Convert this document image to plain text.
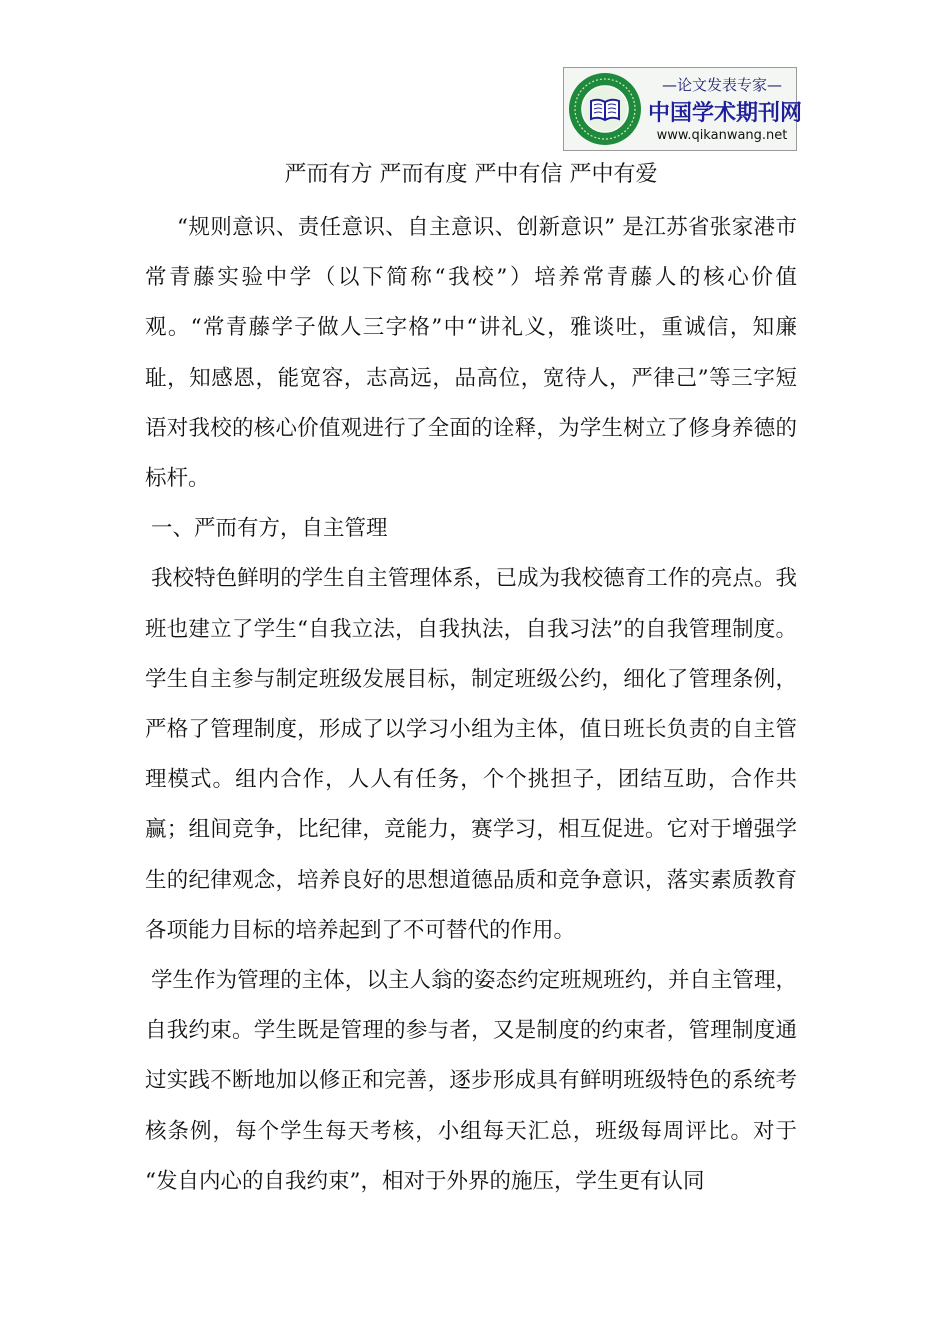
—论文发表专家—
中国学术期刊网
www.qikanwang.net
严而有方 严而有度 严中有信 严中有爱

“规则意识、责任意识、自主意识、创新意识” 是江苏省张家港市常青藤实验中学（以下简称“我校”）培养常青藤人的核心价值观。“常青藤学子做人三字格”中“讲礼义，雅谈吐，重诚信，知廉耻，知感恩，能宽容，志高远，品高位，宽待人，严律己”等三字短语对我校的核心价值观进行了全面的诠释，为学生树立了修身养德的标杆。

一、严而有方，自主管理

我校特色鲜明的学生自主管理体系，已成为我校德育工作的亮点。我班也建立了学生“自我立法，自我执法，自我习法”的自我管理制度。学生自主参与制定班级发展目标，制定班级公约，细化了管理条例，严格了管理制度，形成了以学习小组为主体，值日班长负责的自主管理模式。组内合作，人人有任务，个个挑担子，团结互助，合作共赢；组间竞争，比纪律，竞能力，赛学习，相互促进。它对于增强学生的纪律观念，培养良好的思想道德品质和竞争意识，落实素质教育各项能力目标的培养起到了不可替代的作用。

学生作为管理的主体，以主人翁的姿态约定班规班约，并自主管理，自我约束。学生既是管理的参与者，又是制度的约束者，管理制度通过实践不断地加以修正和完善，逐步形成具有鲜明班级特色的系统考核条例，每个学生每天考核，小组每天汇总，班级每周评比。对于 “发自内心的自我约束”，相对于外界的施压，学生更有认同
